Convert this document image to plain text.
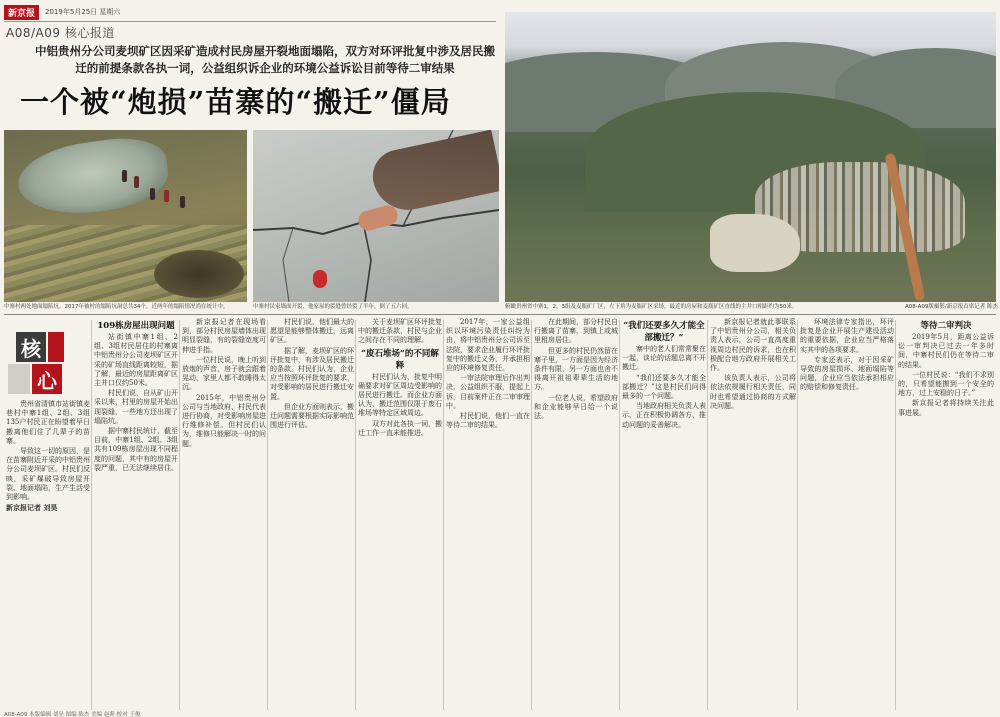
新京报	2019年5月25日 星期六
A08/A09 核心报道
中铝贵州分公司麦坝矿区因采矿造成村民房屋开裂地面塌陷，双方对环评批复中涉及居民搬迁的前提条款各执一词，公益组织诉企业的环境公益诉讼目前等待二审结果
一个被“炮损”苗寨的“搬迁”僵局
中寨村两处地面塌陷坑。2017年被村的塌陷坑洞总共34个，近两年的塌陷情况尚在统计中。	中寨村民家墙面开裂，他家屋的裂缝曾经裂了半年，倒了五六回。	俯瞰贵州省中寨1，2，3组及麦瓶矿厂区，左下角为麦瓶矿区采场，最近的房屋和麦瓶矿区直线的主井口相距约为50米。	A08-A09版摄影/新京报首席记者 陈杰
核
心

贵州省清镇市站街镇麦巷村中寨1组、2组、3组135户村民正在盼望着早日搬离他们住了几辈子的苗寨。

导致这一切的原因，是在苗寨附近开采的中铝贵州分公司麦坝矿区。村民们反映，采矿爆破导致房屋开裂、地面塌陷，生产生活受到影响。

新京报记者 刘昊

109栋房屋出现问题

站街镇中寨1组、2组、3组村民居住的村寨离中铝贵州分公司麦坝矿区开采的矿场直线距离较短，据了解，最近的房屋距离矿区主井口仅约50米。

村民们说，自从矿山开采以来，村里的房屋开始出现裂缝，一些地方还出现了塌陷坑。

据中寨村民统计，截至目前，中寨1组、2组、3组共有109栋房屋出现不同程度的问题，其中有的房屋开裂严重，已无法继续居住。

新京报记者在现场看到，部分村民房屋墙体出现明显裂缝，有的裂缝宽度可伸进手指。

一位村民说，晚上听到放炮的声音，房子就会跟着晃动，家里人都不敢睡得太沉。

2015年，中铝贵州分公司与当地政府、村民代表进行协商，对受影响房屋进行维修补偿。但村民们认为，维修只能解决一时的问题。

村民们说，他们最大的愿望是能够整体搬迁，远离矿区。

据了解，麦坝矿区的环评批复中，有涉及居民搬迁的条款。村民们认为，企业应当按照环评批复的要求，对受影响的居民进行搬迁安置。

但企业方面则表示，搬迁问题需要根据实际影响范围进行评估。

关于麦坝矿区环评批复中的搬迁条款，村民与企业之间存在不同的理解。

“废石堆场”的不同解释

村民们认为，批复中明确要求对矿区周边受影响的居民进行搬迁。而企业方面认为，搬迁范围仅限于废石堆场等特定区域周边。

双方对此各执一词，搬迁工作一直未能推进。

2017年，一家公益组织以环境污染责任纠纷为由，将中铝贵州分公司诉至法院，要求企业履行环评批复中的搬迁义务，并承担相应的环境修复责任。

一审法院审理后作出判决，公益组织不服，提起上诉，目前案件正在二审审理中。

村民们说，他们一直在等待二审的结果。

在此期间，部分村民自行搬离了苗寨，到镇上或城里租房居住。

但更多的村民仍然留在寨子里，一方面是因为经济条件有限，另一方面也舍不得离开祖祖辈辈生活的地方。

一位老人说，希望政府和企业能够早日给一个说法。

“我们还要多久才能全部搬迁？”

寨中的老人们常常聚在一起，谈论的话题总离不开搬迁。

“我们还要多久才能全部搬迁？”这是村民们问得最多的一个问题。

当地政府相关负责人表示，正在积极协调各方，推动问题的妥善解决。

新京报记者就此事联系了中铝贵州分公司，相关负责人表示，公司一直高度重视周边村民的诉求，也在积极配合地方政府开展相关工作。

该负责人表示，公司将依法依规履行相关责任，同时也希望通过协商的方式解决问题。

环境法律专家指出，环评批复是企业开展生产建设活动的重要依据，企业应当严格落实其中的各项要求。

专家还表示，对于因采矿导致的房屋损坏、地面塌陷等问题，企业应当依法承担相应的赔偿和修复责任。

等待二审判决

2019年5月，距离公益诉讼一审判决已过去一年多时间，中寨村民们仍在等待二审的结果。

一位村民说：“我们不求别的，只希望能搬到一个安全的地方，过上安稳的日子。”

新京报记者将持续关注此事进展。

A08-A09 本版编辑 刘昊 图编 陈杰 美编 赵莉 校对 王俊
